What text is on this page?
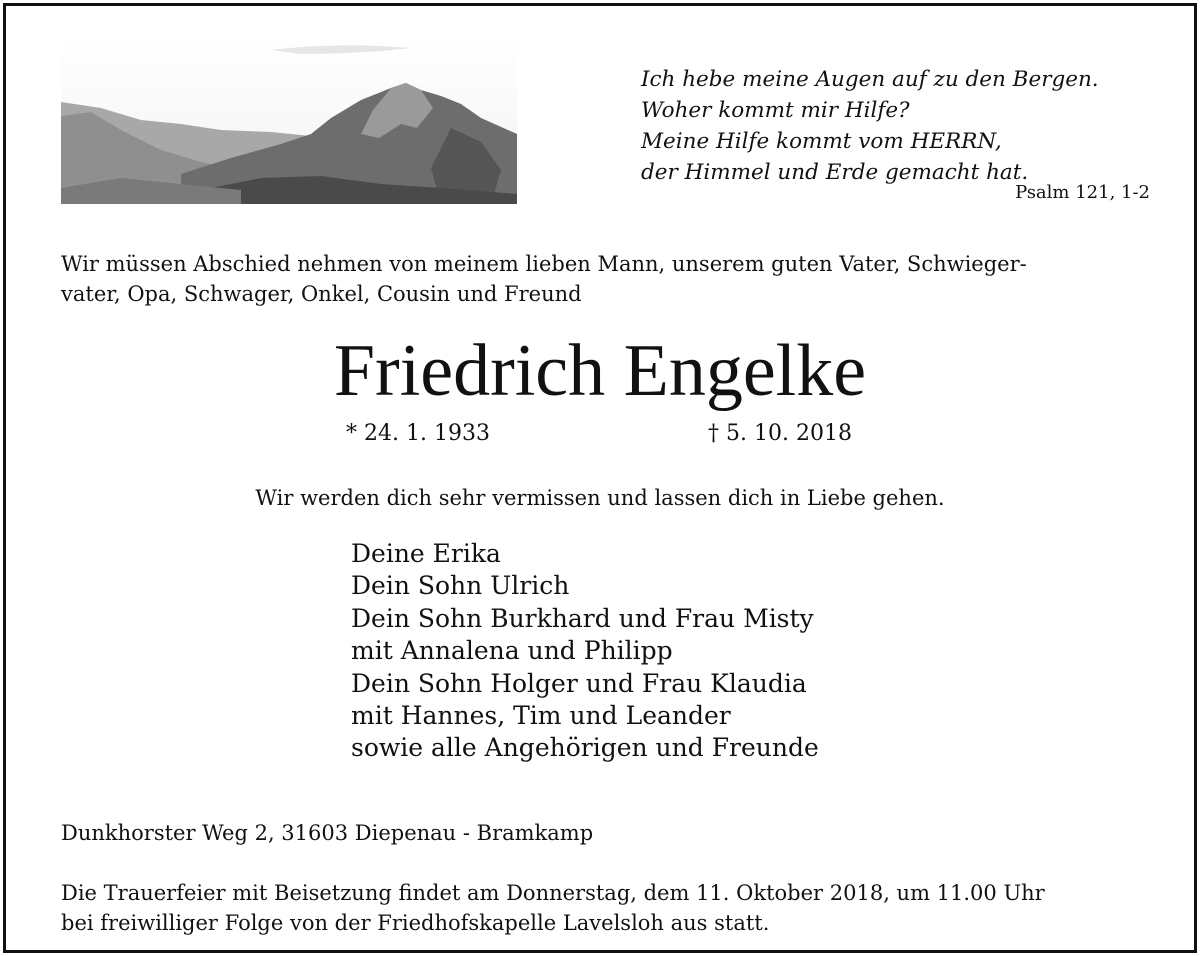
Ich hebe meine Augen auf zu den Bergen.
Woher kommt mir Hilfe?
Meine Hilfe kommt vom HERRN,
der Himmel und Erde gemacht hat.
Psalm 121, 1-2
Wir müssen Abschied nehmen von meinem lieben Mann, unserem guten Vater, Schwieger-
vater, Opa, Schwager, Onkel, Cousin und Freund
Friedrich Engelke
* 24. 1. 1933	† 5. 10. 2018
Wir werden dich sehr vermissen und lassen dich in Liebe gehen.
Deine Erika
Dein Sohn Ulrich
Dein Sohn Burkhard und Frau Misty
mit Annalena und Philipp
Dein Sohn Holger und Frau Klaudia
mit Hannes, Tim und Leander
sowie alle Angehörigen und Freunde
Dunkhorster Weg 2, 31603 Diepenau - Bramkamp
Die Trauerfeier mit Beisetzung findet am Donnerstag, dem 11. Oktober 2018, um 11.00 Uhr
bei freiwilliger Folge von der Friedhofskapelle Lavelsloh aus statt.
